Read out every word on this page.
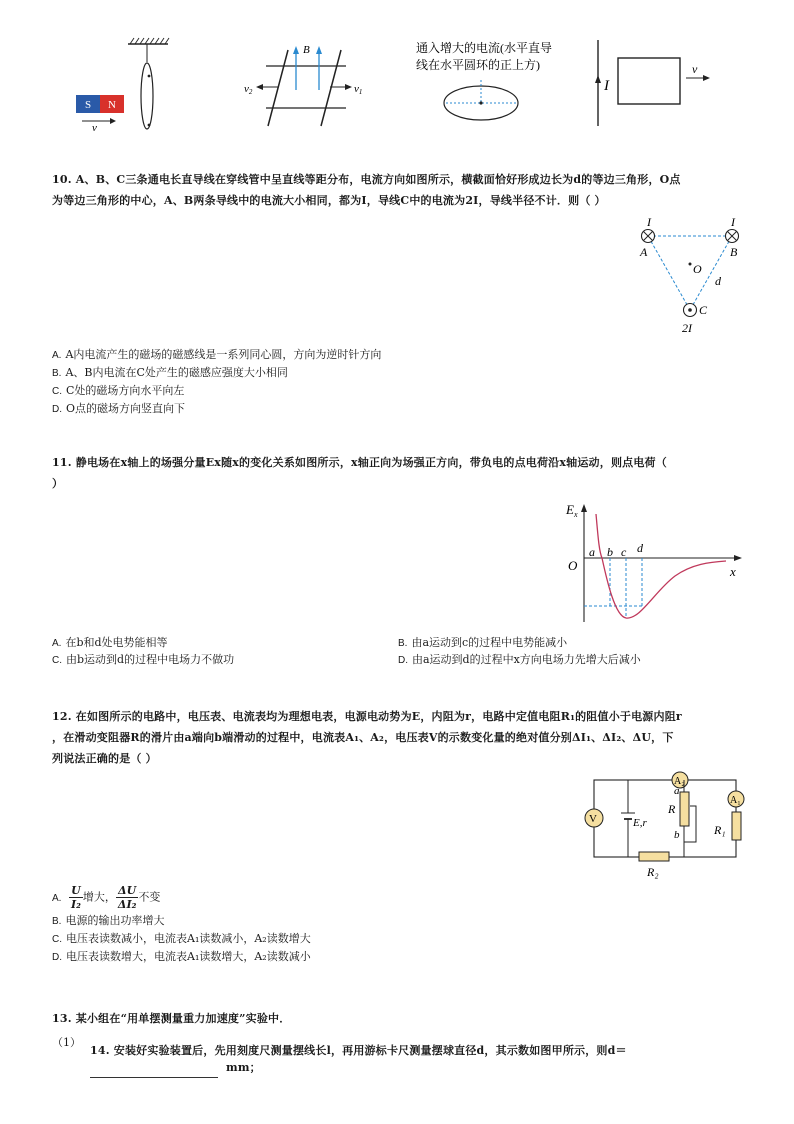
S N
v
B
v2	v1
通入增大的电流(水平直导
线在水平圆环的正上方)
I
v
10. A、B、C三条通电长直导线在穿线管中呈直线等距分布，电流方向如图所示，横截面恰好形成边长为d的等边三角形，O点
为等边三角形的中心，A、B两条导线中的电流大小相同，都为I，导线C中的电流为2I，导线半径不计．则（ ）
I	I
A	B
O
d
C
2I
A. A内电流产生的磁场的磁感线是一系列同心圆，方向为逆时针方向
B. A、B内电流在C处产生的磁感应强度大小相同
C. C处的磁场方向水平向左
D. O点的磁场方向竖直向下
11. 静电场在x轴上的场强分量Ex随x的变化关系如图所示，x轴正向为场强正方向，带负电的点电荷沿x轴运动，则点电荷（
）
$E_x$
O	x
a b c d
A. 在b和d处电势能相等	B. 由a运动到c的过程中电势能减小
C. 由b运动到d的过程中电场力不做功	D. 由a运动到d的过程中x方向电场力先增大后减小
12. 在如图所示的电路中，电压表、电流表均为理想电表，电源电动势为E，内阻为r，电路中定值电阻R₁的阻值小于电源内阻r
，在滑动变阻器R的滑片由a端向b端滑动的过程中，电流表A₁、A₂，电压表V的示数变化量的绝对值分别ΔI₁、ΔI₂、ΔU，下
列说法正确的是（ ）
R₂
A₂
V	E,r
a
R
b
A₁
R₁
A. $\frac{U}{\text{I₂}}$ 增大， $\frac{\Delta U}{\text{ΔI₂}}$ 不变
B. 电源的输出功率增大
C. 电压表读数减小，电流表A₁读数减小，A₂读数增大
D. 电压表读数增大，电流表A₁读数增大，A₂读数减小
13. 某小组在“用单摆测量重力加速度”实验中．
（1）
14. 安装好实验装置后，先用刻度尺测量摆线长l，再用游标卡尺测量摆球直径d，其示数如图甲所示，则d＝
mm；
